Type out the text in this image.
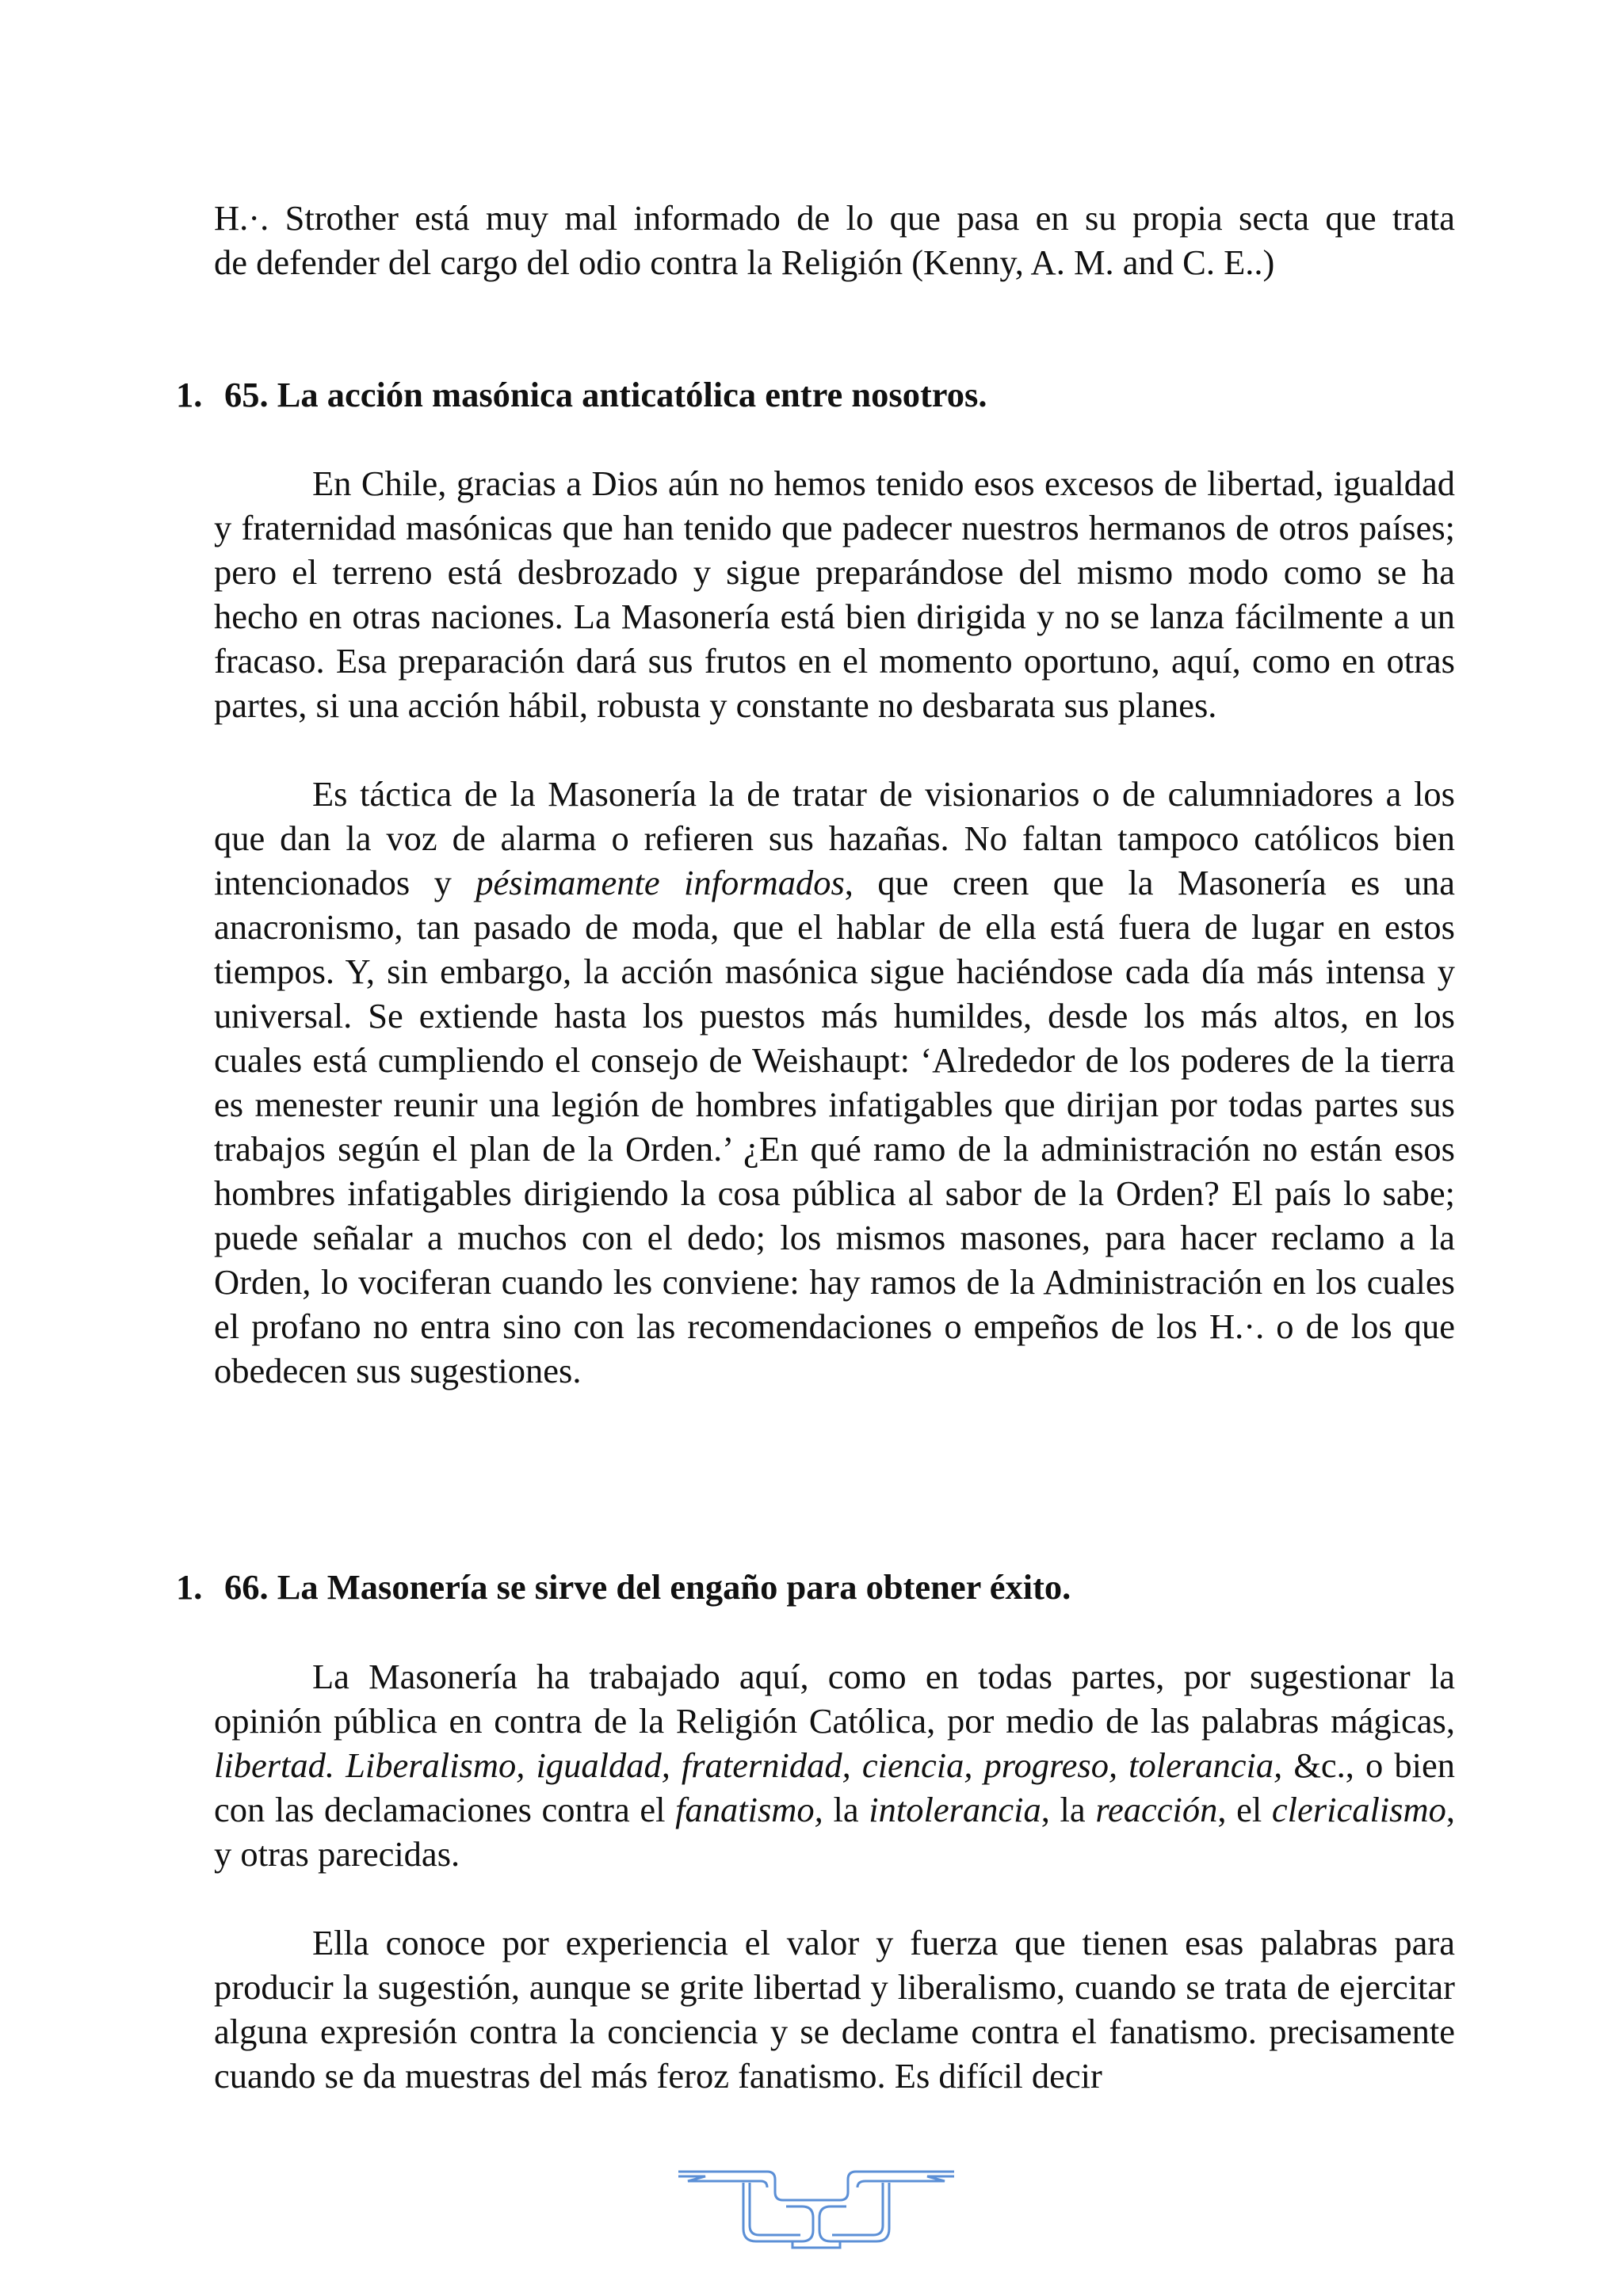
H.·. Strother está muy mal informado de lo que pasa en su propia secta que trata

de defender del cargo del odio contra la Religión (Kenny, A. M. and C. E..)

1. 65. La acción masónica anticatólica entre nosotros.

En Chile, gracias a Dios aún no hemos tenido esos excesos de libertad, igualdad y fraternidad masónicas que han tenido que padecer nuestros hermanos de otros países; pero el terreno está desbrozado y sigue preparándose del mismo modo como se ha hecho en otras naciones. La Masonería está bien dirigida y no se lanza fácilmente a un fracaso. Esa preparación dará sus frutos en el momento oportuno, aquí, como en otras partes, si una acción hábil, robusta y constante no desbarata sus planes.

Es táctica de la Masonería la de tratar de visionarios o de calumniadores a los que dan la voz de alarma o refieren sus hazañas. No faltan tampoco católicos bien intencionados y pésimamente informados, que creen que la Masonería es una anacronismo, tan pasado de moda, que el hablar de ella está fuera de lugar en estos tiempos. Y, sin embargo, la acción masónica sigue haciéndose cada día más intensa y universal. Se extiende hasta los puestos más humildes, desde los más altos, en los cuales está cumpliendo el consejo de Weishaupt: ‘Alrededor de los poderes de la tierra es menester reunir una legión de hombres infatigables que dirijan por todas partes sus trabajos según el plan de la Orden.’ ¿En qué ramo de la administración no están esos hombres infatigables dirigiendo la cosa pública al sabor de la Orden? El país lo sabe; puede señalar a muchos con el dedo; los mismos masones, para hacer reclamo a la Orden, lo vociferan cuando les conviene: hay ramos de la Administración en los cuales el profano no entra sino con las recomendaciones o empeños de los H.·. o de los que obedecen sus sugestiones.

1. 66. La Masonería se sirve del engaño para obtener éxito.

La Masonería ha trabajado aquí, como en todas partes, por sugestionar la opinión pública en contra de la Religión Católica, por medio de las palabras mágicas, libertad. Liberalismo, igualdad, fraternidad, ciencia, progreso, tolerancia, &c., o bien con las declamaciones contra el fanatismo, la intolerancia, la reacción, el clericalismo, y otras parecidas.

Ella conoce por experiencia el valor y fuerza que tienen esas palabras para producir la sugestión, aunque se grite libertad y liberalismo, cuando se trata de ejercitar alguna expresión contra la conciencia y se declame contra el fanatismo. precisamente cuando se da muestras del más feroz fanatismo. Es difícil decir
